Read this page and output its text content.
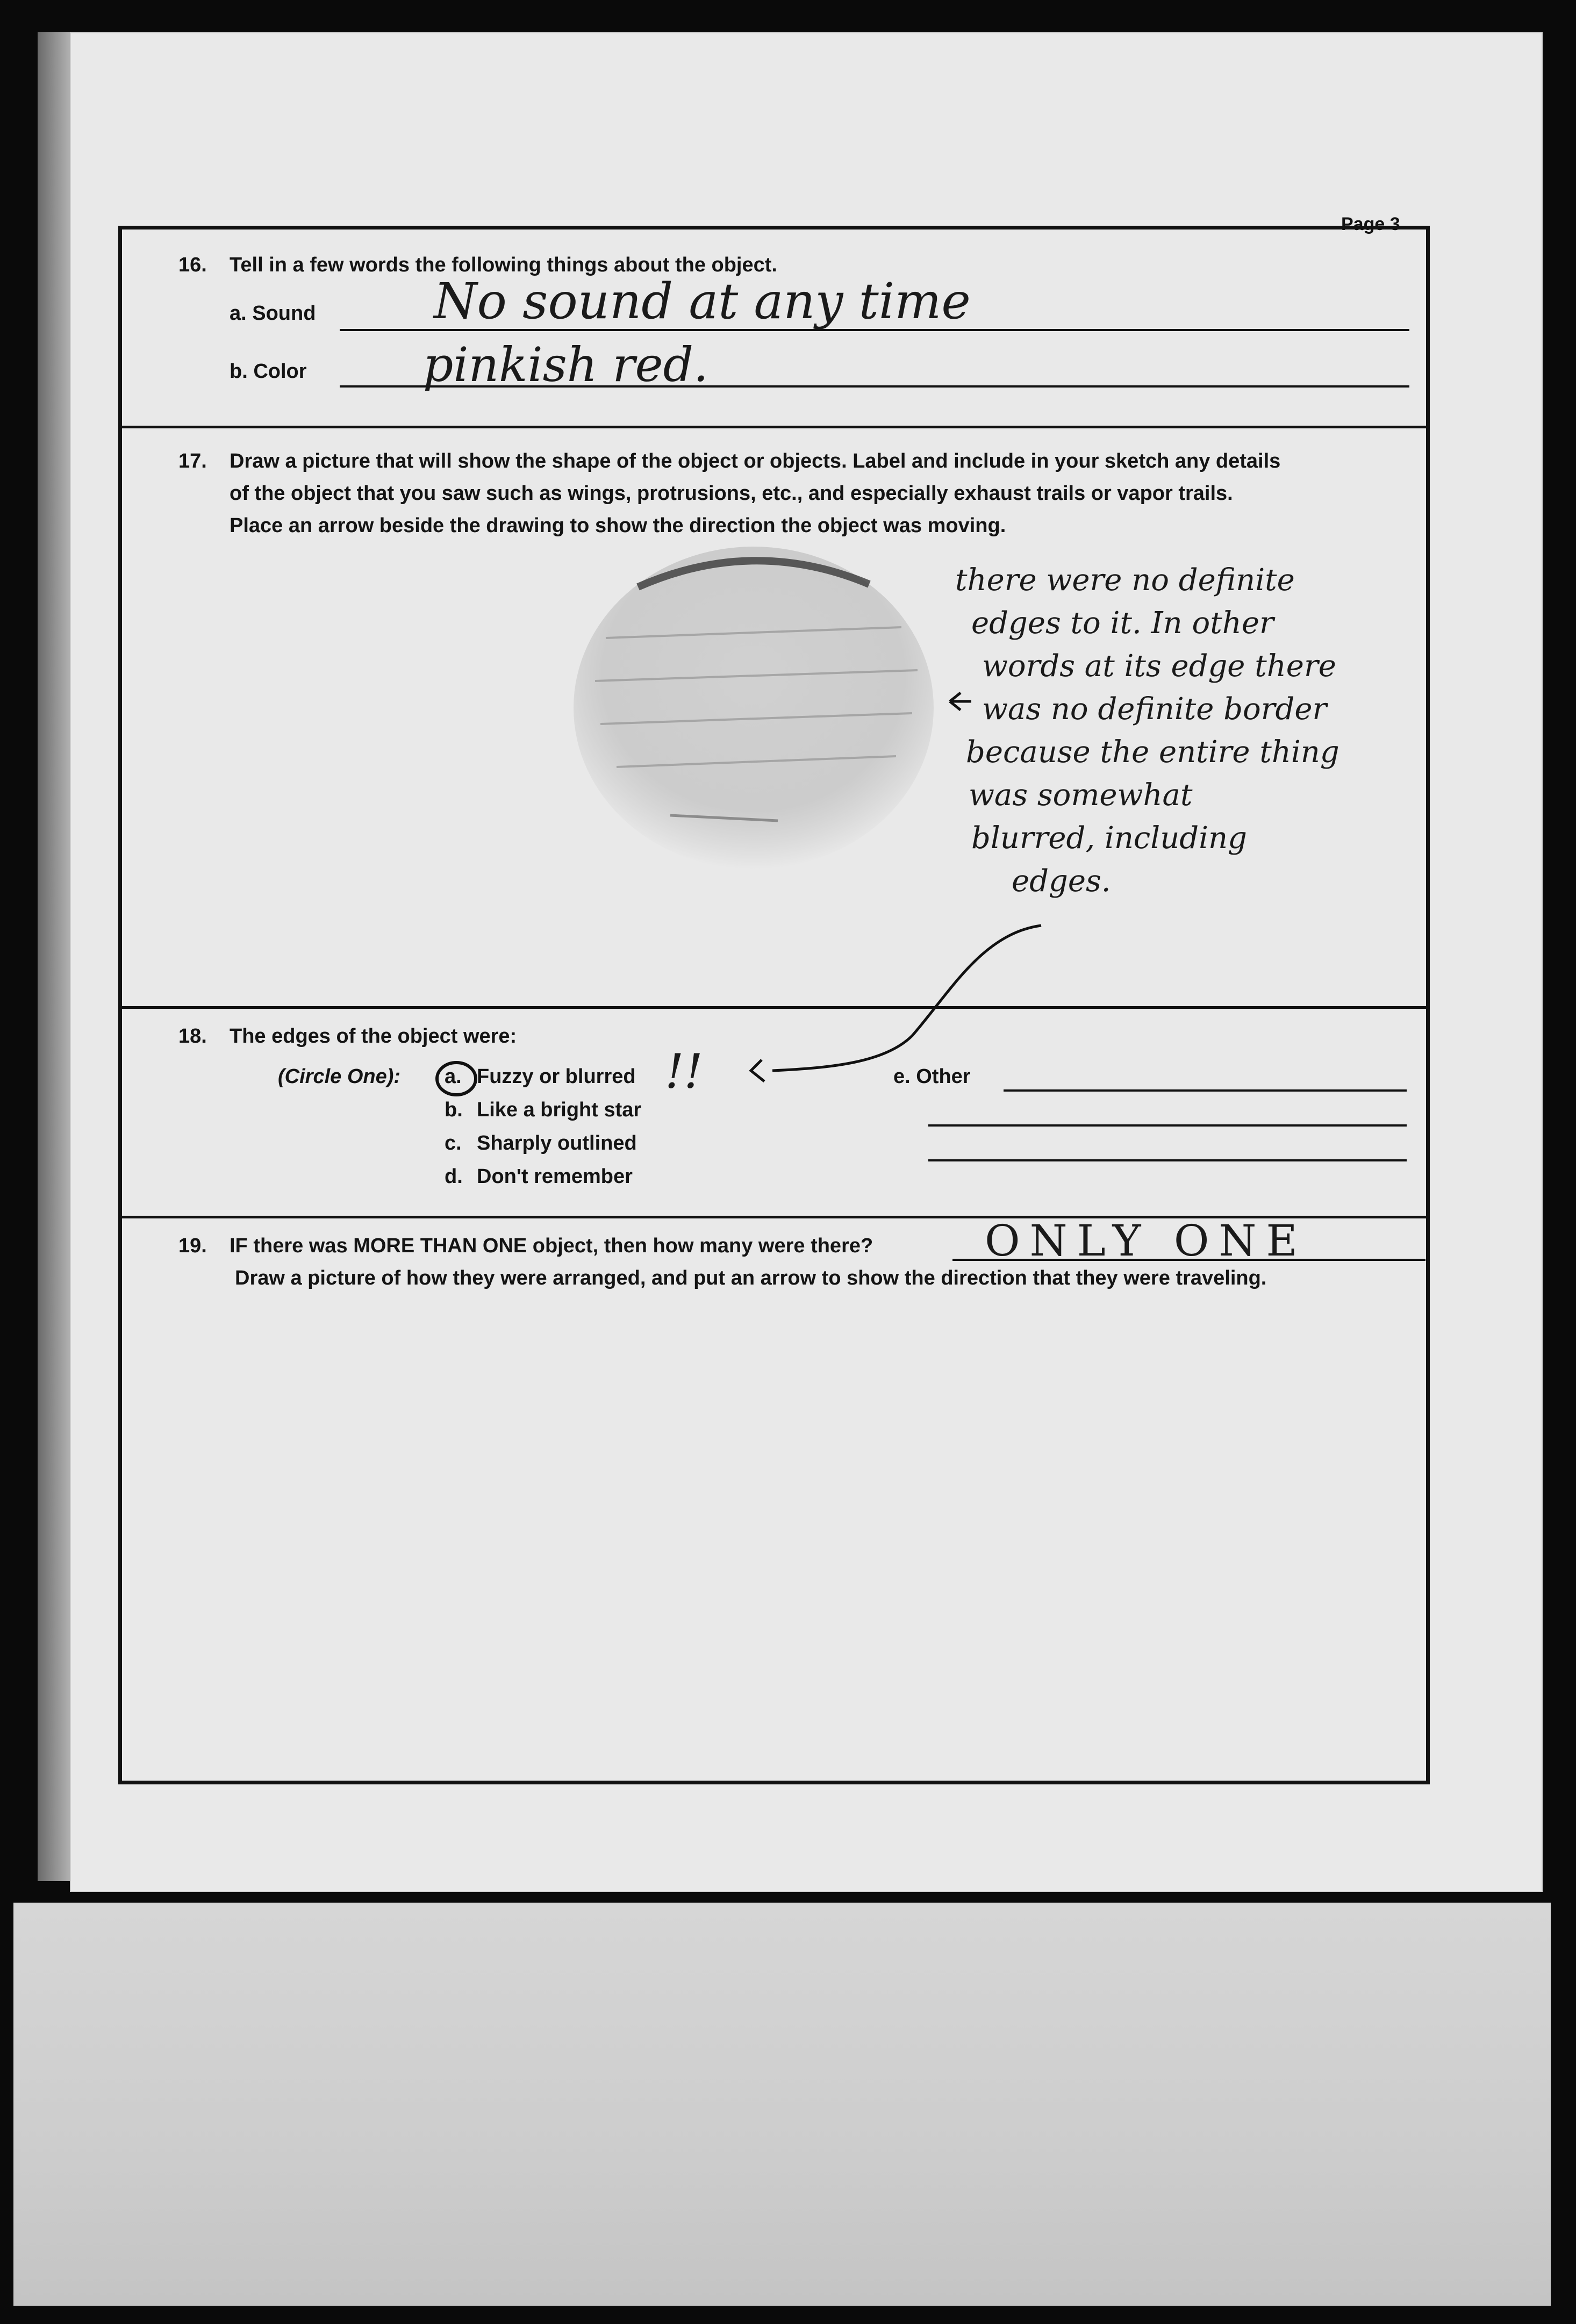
Page 3
16. Tell in a few words the following things about the object.
a. Sound No sound at any time
b. Color pinkish red.
17. Draw a picture that will show the shape of the object or objects. Label and include in your sketch any details
of the object that you saw such as wings, protrusions, etc., and especially exhaust trails or vapor trails.
Place an arrow beside the drawing to show the direction the object was moving.
there were no definite
edges to it. In other
words at its edge there
was no definite border
because the entire thing
was somewhat
blurred, including
edges.
18. The edges of the object were:
(Circle One): a. Fuzzy or blurred !!
b. Like a bright star
c. Sharply outlined
d. Don't remember
e. Other
19. IF there was MORE THAN ONE object, then how many were there?	ONLY ONE
Draw a picture of how they were arranged, and put an arrow to show the direction that they were traveling.
